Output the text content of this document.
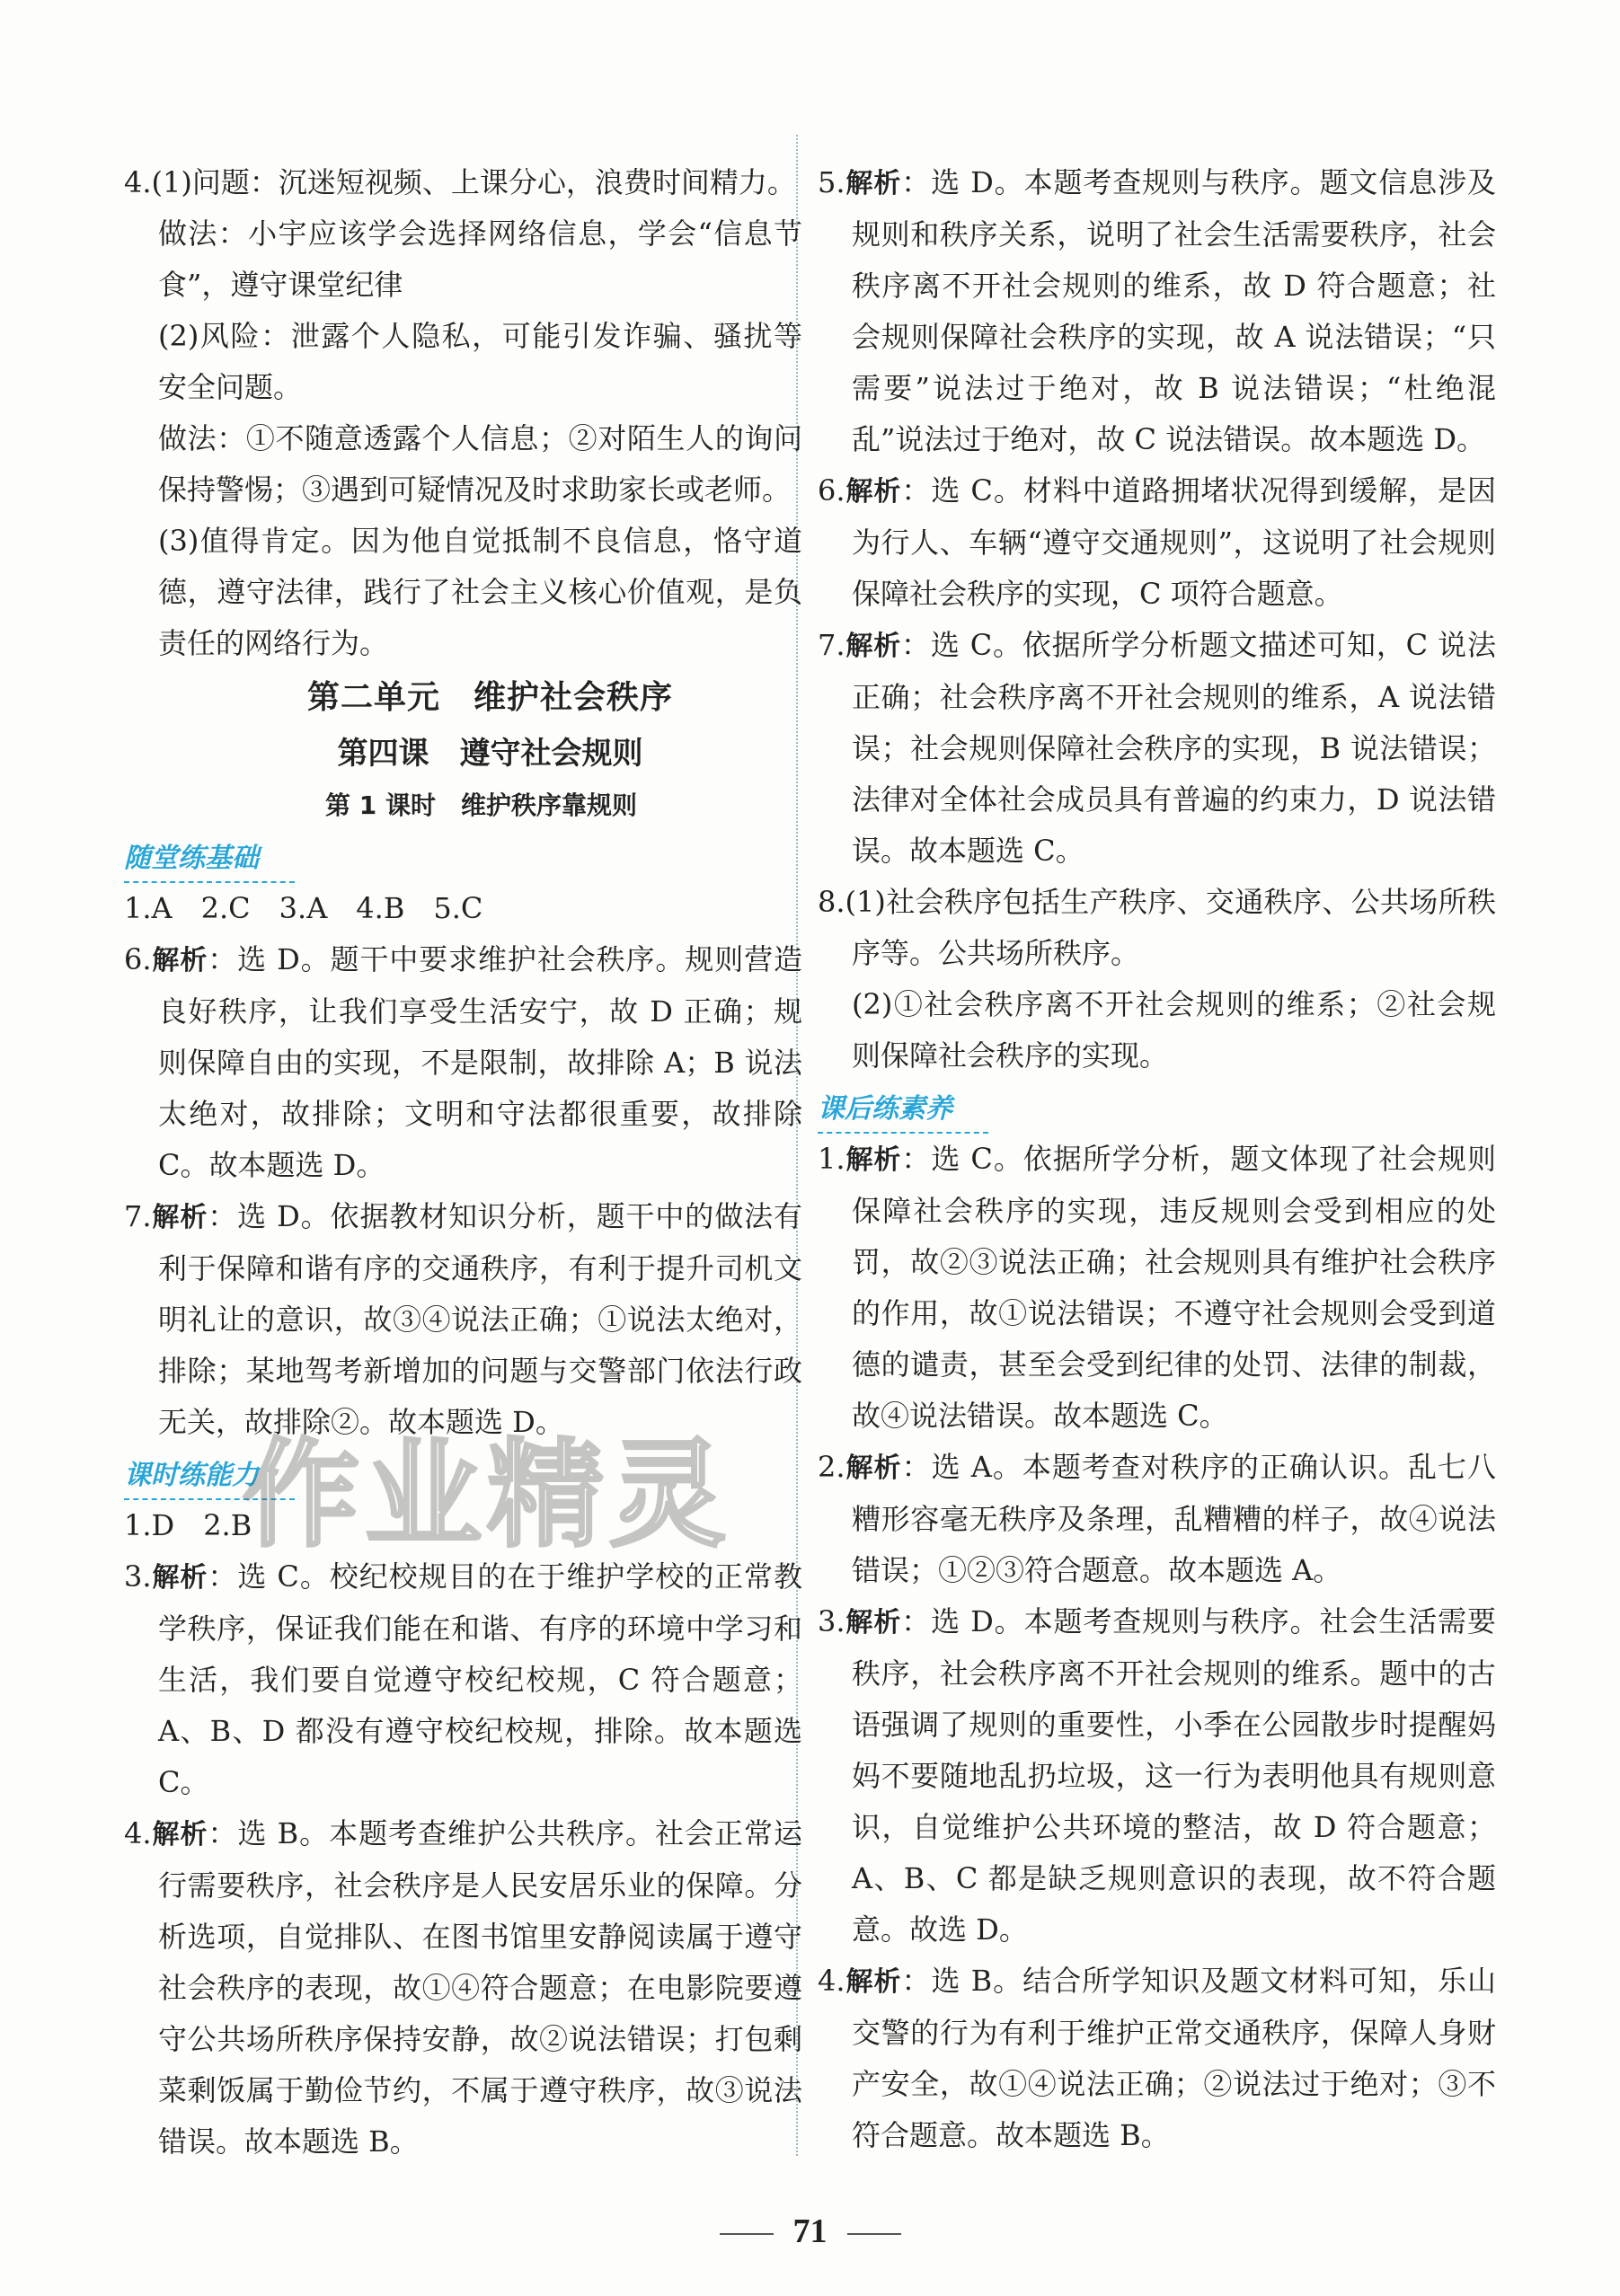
4.(1)问题：沉迷短视频、上课分心，浪费时间精力。

做法：小宇应该学会选择网络信息，学会“信息节食”，遵守课堂纪律

(2)风险：泄露个人隐私，可能引发诈骗、骚扰等安全问题。

做法：①不随意透露个人信息；②对陌生人的询问保持警惕；③遇到可疑情况及时求助家长或老师。

(3)值得肯定。因为他自觉抵制不良信息，恪守道德，遵守法律，践行了社会主义核心价值观，是负责任的网络行为。

第二单元　维护社会秩序

第四课　遵守社会规则

第 1 课时　维护秩序靠规则

随堂练基础

1.A　2.C　3.A　4.B　5.C

6.解析：选 D。题干中要求维护社会秩序。规则营造良好秩序，让我们享受生活安宁，故 D 正确；规则保障自由的实现，不是限制，故排除 A；B 说法太绝对，故排除；文明和守法都很重要，故排除 C。故本题选 D。

7.解析：选 D。依据教材知识分析，题干中的做法有利于保障和谐有序的交通秩序，有利于提升司机文明礼让的意识，故③④说法正确；①说法太绝对，排除；某地驾考新增加的问题与交警部门依法行政无关，故排除②。故本题选 D。

课时练能力

1.D　2.B

3.解析：选 C。校纪校规目的在于维护学校的正常教学秩序，保证我们能在和谐、有序的环境中学习和生活，我们要自觉遵守校纪校规，C 符合题意；A、B、D 都没有遵守校纪校规，排除。故本题选 C。

4.解析：选 B。本题考查维护公共秩序。社会正常运行需要秩序，社会秩序是人民安居乐业的保障。分析选项，自觉排队、在图书馆里安静阅读属于遵守社会秩序的表现，故①④符合题意；在电影院要遵守公共场所秩序保持安静，故②说法错误；打包剩菜剩饭属于勤俭节约，不属于遵守秩序，故③说法错误。故本题选 B。

5.解析：选 D。本题考查规则与秩序。题文信息涉及规则和秩序关系，说明了社会生活需要秩序，社会秩序离不开社会规则的维系，故 D 符合题意；社会规则保障社会秩序的实现，故 A 说法错误；“只需要”说法过于绝对，故 B 说法错误；“杜绝混乱”说法过于绝对，故 C 说法错误。故本题选 D。

6.解析：选 C。材料中道路拥堵状况得到缓解，是因为行人、车辆“遵守交通规则”，这说明了社会规则保障社会秩序的实现，C 项符合题意。

7.解析：选 C。依据所学分析题文描述可知，C 说法正确；社会秩序离不开社会规则的维系，A 说法错误；社会规则保障社会秩序的实现，B 说法错误；法律对全体社会成员具有普遍的约束力，D 说法错误。故本题选 C。

8.(1)社会秩序包括生产秩序、交通秩序、公共场所秩序等。公共场所秩序。

(2)①社会秩序离不开社会规则的维系；②社会规则保障社会秩序的实现。

课后练素养

1.解析：选 C。依据所学分析，题文体现了社会规则保障社会秩序的实现，违反规则会受到相应的处罚，故②③说法正确；社会规则具有维护社会秩序的作用，故①说法错误；不遵守社会规则会受到道德的谴责，甚至会受到纪律的处罚、法律的制裁，故④说法错误。故本题选 C。

2.解析：选 A。本题考查对秩序的正确认识。乱七八糟形容毫无秩序及条理，乱糟糟的样子，故④说法错误；①②③符合题意。故本题选 A。

3.解析：选 D。本题考查规则与秩序。社会生活需要秩序，社会秩序离不开社会规则的维系。题中的古语强调了规则的重要性，小季在公园散步时提醒妈妈不要随地乱扔垃圾，这一行为表明他具有规则意识，自觉维护公共环境的整洁，故 D 符合题意；A、B、C 都是缺乏规则意识的表现，故不符合题意。故选 D。

4.解析：选 B。结合所学知识及题文材料可知，乐山交警的行为有利于维护正常交通秩序，保障人身财产安全，故①④说法正确；②说法过于绝对；③不符合题意。故本题选 B。

作业精灵
71
